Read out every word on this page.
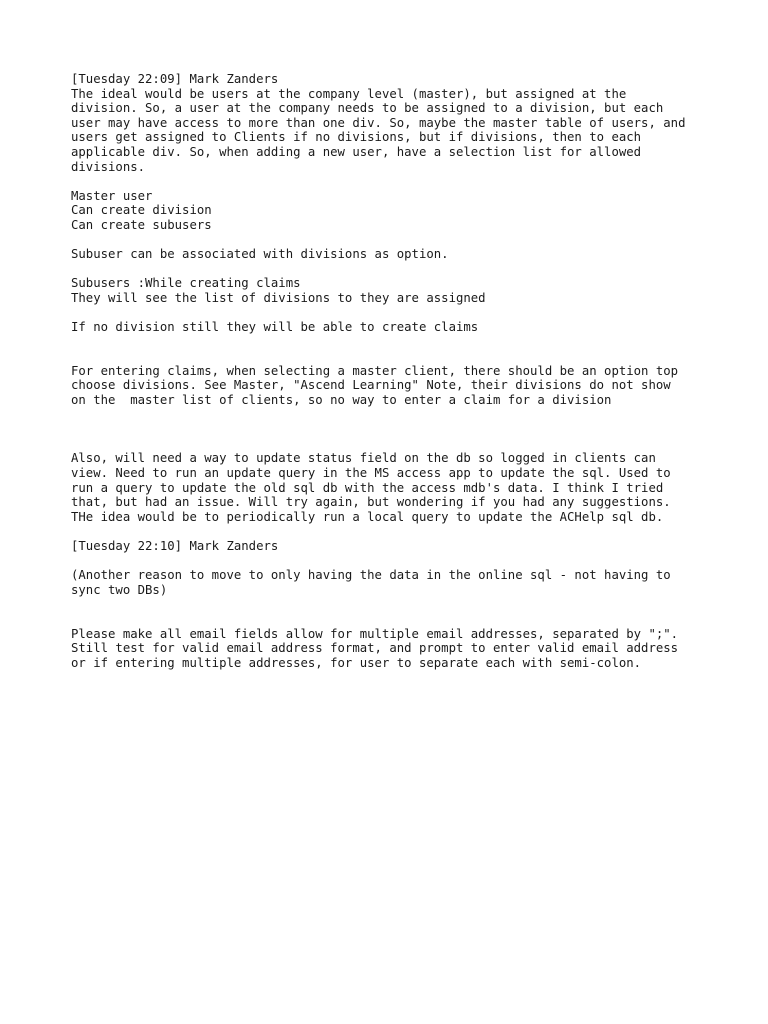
[Tuesday 22:09] Mark Zanders
The ideal would be users at the company level (master), but assigned at the
division. So, a user at the company needs to be assigned to a division, but each
user may have access to more than one div. So, maybe the master table of users, and
users get assigned to Clients if no divisions, but if divisions, then to each
applicable div. So, when adding a new user, have a selection list for allowed
divisions.
Master user
Can create division
Can create subusers
Subuser can be associated with divisions as option.
Subusers :While creating claims
They will see the list of divisions to they are assigned
If no division still they will be able to create claims
For entering claims, when selecting a master client, there should be an option top
choose divisions. See Master, "Ascend Learning" Note, their divisions do not show
on the  master list of clients, so no way to enter a claim for a division
Also, will need a way to update status field on the db so logged in clients can
view. Need to run an update query in the MS access app to update the sql. Used to
run a query to update the old sql db with the access mdb's data. I think I tried
that, but had an issue. Will try again, but wondering if you had any suggestions.
THe idea would be to periodically run a local query to update the ACHelp sql db.
[Tuesday 22:10] Mark Zanders
(Another reason to move to only having the data in the online sql - not having to
sync two DBs)
Please make all email fields allow for multiple email addresses, separated by ";".
Still test for valid email address format, and prompt to enter valid email address
or if entering multiple addresses, for user to separate each with semi-colon.
